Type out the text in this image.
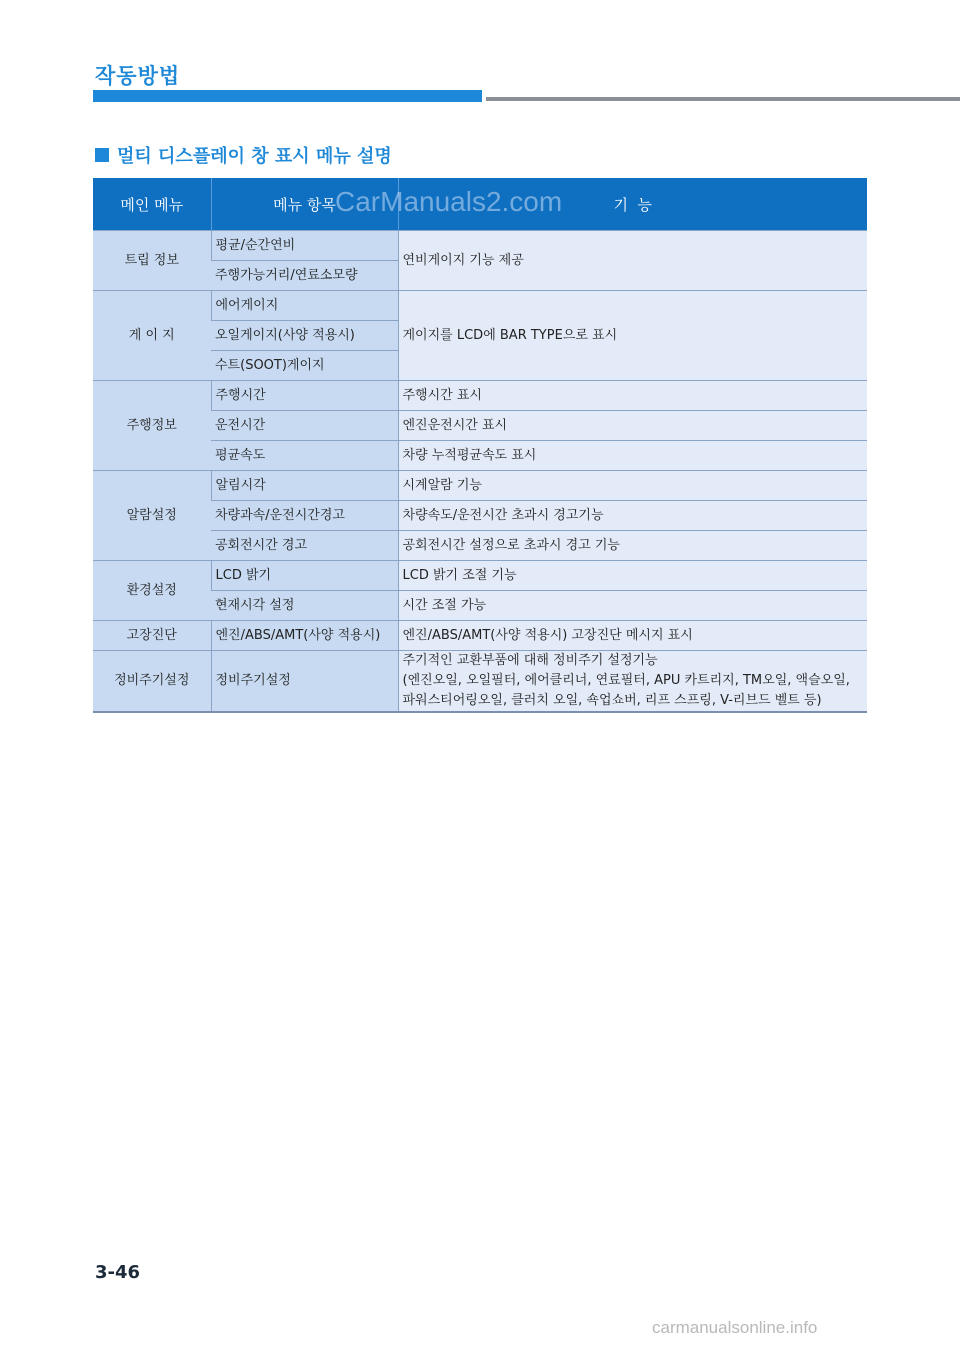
작동방법
멀티 디스플레이 창 표시 메뉴 설명
메인 메뉴	메뉴 항목	기  능
트립 정보	평균/순간연비	연비게이지 기능 제공
	주행가능거리/연료소모량	
게 이 지	에어게이지	게이지를 LCD에 BAR TYPE으로 표시
	오일게이지(사양 적용시)	
	수트(SOOT)게이지	
주행정보	주행시간	주행시간 표시
	운전시간	엔진운전시간 표시
	평균속도	차량 누적평균속도 표시
알람설정	알림시각	시계알람 기능
	차량과속/운전시간경고	차량속도/운전시간 초과시 경고기능
	공회전시간 경고	공회전시간 설정으로 초과시 경고 기능
환경설정	LCD 밝기	LCD 밝기 조절 기능
	현재시각 설정	시간 조절 가능
고장진단	엔진/ABS/AMT(사양 적용시)	엔진/ABS/AMT(사양 적용시) 고장진단 메시지 표시
정비주기설정	정비주기설정	주기적인 교환부품에 대해 정비주기 설정기능
(엔진오일, 오일필터, 에어클리너, 연료필터, APU 카트리지, TM오일, 액슬오일, 파워스티어링오일, 클러치 오일, 쇽업쇼버, 리프 스프링, V-리브드 벨트 등)
CarManuals2.com
3-46
carmanualsonline.info
